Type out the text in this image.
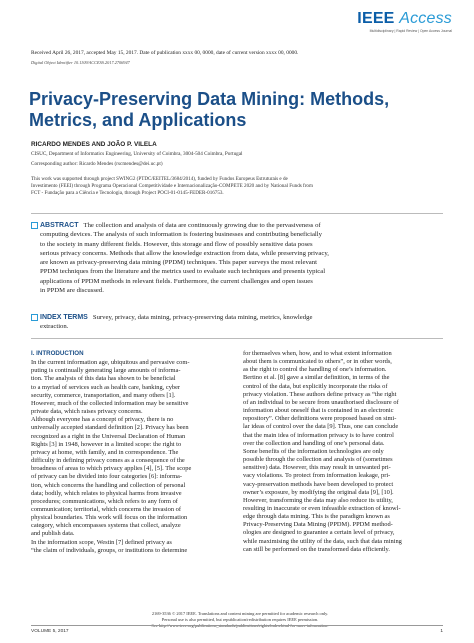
IEEE Access
Multidisciplinary | Rapid Review | Open Access Journal
Received April 26, 2017, accepted May 15, 2017. Date of publication xxxx 00, 0000, date of current version xxxx 00, 0000.
Digital Object Identifier 10.1109/ACCESS.2017.2706947
Privacy-Preserving Data Mining: Methods,
Metrics, and Applications
RICARDO MENDES AND JOÃO P. VILELA
CISUC, Department of Informatics Engineering, University of Coimbra, 3004-504 Coimbra, Portugal
Corresponding author: Ricardo Mendes (rscmendes@dei.uc.pt)
This work was supported through project SWING2 (PTDC/EEITEL/3684/2014), funded by Fundos Europeus Estruturais e de
Investimento (FEEI) through Programa Operacional Competitividade e Internacionalização-COMPETE 2020 and by National Funds from
FCT - Fundação para a Ciência e Tecnologia, through Project POCI-01-0145-FEDER-016753.
ABSTRACT The collection and analysis of data are continuously growing due to the pervasiveness of
computing devices. The analysis of such information is fostering businesses and contributing beneficially
to the society in many different fields. However, this storage and flow of possibly sensitive data poses
serious privacy concerns. Methods that allow the knowledge extraction from data, while preserving privacy,
are known as privacy-preserving data mining (PPDM) techniques. This paper surveys the most relevant
PPDM techniques from the literature and the metrics used to evaluate such techniques and presents typical
applications of PPDM methods in relevant fields. Furthermore, the current challenges and open issues
in PPDM are discussed.
INDEX TERMS Survey, privacy, data mining, privacy-preserving data mining, metrics, knowledge
extraction.
I. INTRODUCTION
In the current information age, ubiquitous and pervasive com-
puting is continually generating large amounts of informa-
tion. The analysis of this data has shown to be beneficial
to a myriad of services such as health care, banking, cyber
security, commerce, transportation, and many others [1].
However, much of the collected information may be sensitive
private data, which raises privacy concerns.
Although everyone has a concept of privacy, there is no
universally accepted standard definition [2]. Privacy has been
recognized as a right in the Universal Declaration of Human
Rights [3] in 1948, however in a limited scope: the right to
privacy at home, with family, and in correspondence. The
difficulty in defining privacy comes as a consequence of the
broadness of areas to which privacy applies [4], [5]. The scope
of privacy can be divided into four categories [6]: informa-
tion, which concerns the handling and collection of personal
data; bodily, which relates to physical harms from invasive
procedures; communications, which refers to any form of
communication; territorial, which concerns the invasion of
physical boundaries. This work will focus on the information
category, which encompasses systems that collect, analyze
and publish data.
In the information scope, Westin [7] defined privacy as
“the claim of individuals, groups, or institutions to determine
for themselves when, how, and to what extent information
about them is communicated to others”, or in other words,
as the right to control the handling of one’s information.
Bertino et al. [8] gave a similar definition, in terms of the
control of the data, but explicitly incorporate the risks of
privacy violation. These authors define privacy as “the right
of an individual to be secure from unauthorised disclosure of
information about oneself that is contained in an electronic
repository”. Other definitions were proposed based on simi-
lar ideas of control over the data [9]. Thus, one can conclude
that the main idea of information privacy is to have control
over the collection and handling of one’s personal data.
Some benefits of the information technologies are only
possible through the collection and analysis of (sometimes
sensitive) data. However, this may result in unwanted pri-
vacy violations. To protect from information leakage, pri-
vacy-preservation methods have been developed to protect
owner’s exposure, by modifying the original data [9], [10].
However, transforming the data may also reduce its utility,
resulting in inaccurate or even infeasible extraction of knowl-
edge through data mining. This is the paradigm known as
Privacy-Preserving Data Mining (PPDM). PPDM method-
ologies are designed to guarantee a certain level of privacy,
while maximising the utility of the data, such that data mining
can still be performed on the transformed data efficiently.
2169-3536 © 2017 IEEE. Translations and content mining are permitted for academic research only.
Personal use is also permitted, but republication/redistribution requires IEEE permission.
See http://www.ieee.org/publications_standards/publications/rights/index.html for more information.
VOLUME 5, 2017	1
